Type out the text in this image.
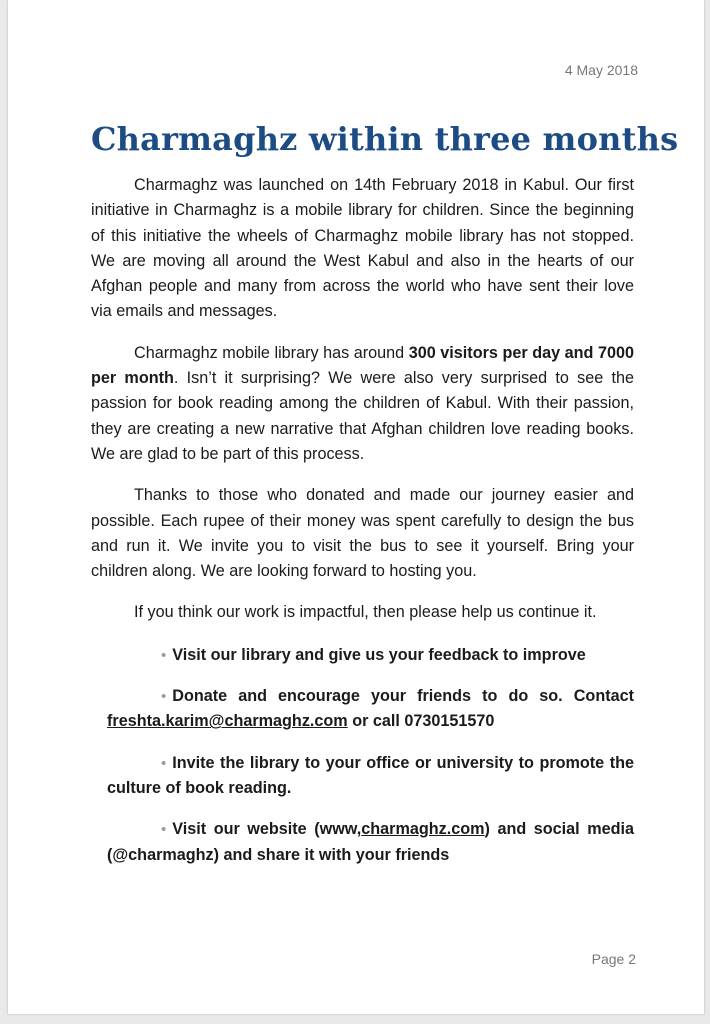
4 May 2018
Charmaghz within three months

Charmaghz was launched on 14th February 2018 in Kabul. Our first initiative in Charmaghz is a mobile library for children. Since the beginning of this initiative the wheels of Charmaghz mobile library has not stopped. We are moving all around the West Kabul and also in the hearts of our Afghan people and many from across the world who have sent their love via emails and messages.

Charmaghz mobile library has around 300 visitors per day and 7000 per month. Isn’t it surprising? We were also very surprised to see the passion for book reading among the children of Kabul. With their passion, they are creating a new narrative that Afghan children love reading books. We are glad to be part of this process.

Thanks to those who donated and made our journey easier and possible. Each rupee of their money was spent carefully to design the bus and run it. We invite you to visit the bus to see it yourself. Bring your children along. We are looking forward to hosting you.

If you think our work is impactful, then please help us continue it.

• Visit our library and give us your feedback to improve
• Donate and encourage your friends to do so. Contact freshta.karim@charmaghz.com or call 0730151570
• Invite the library to your office or university to promote the culture of book reading.
• Visit our website (www,charmaghz.com) and social media (@charmaghz) and share it with your friends
Page 2
